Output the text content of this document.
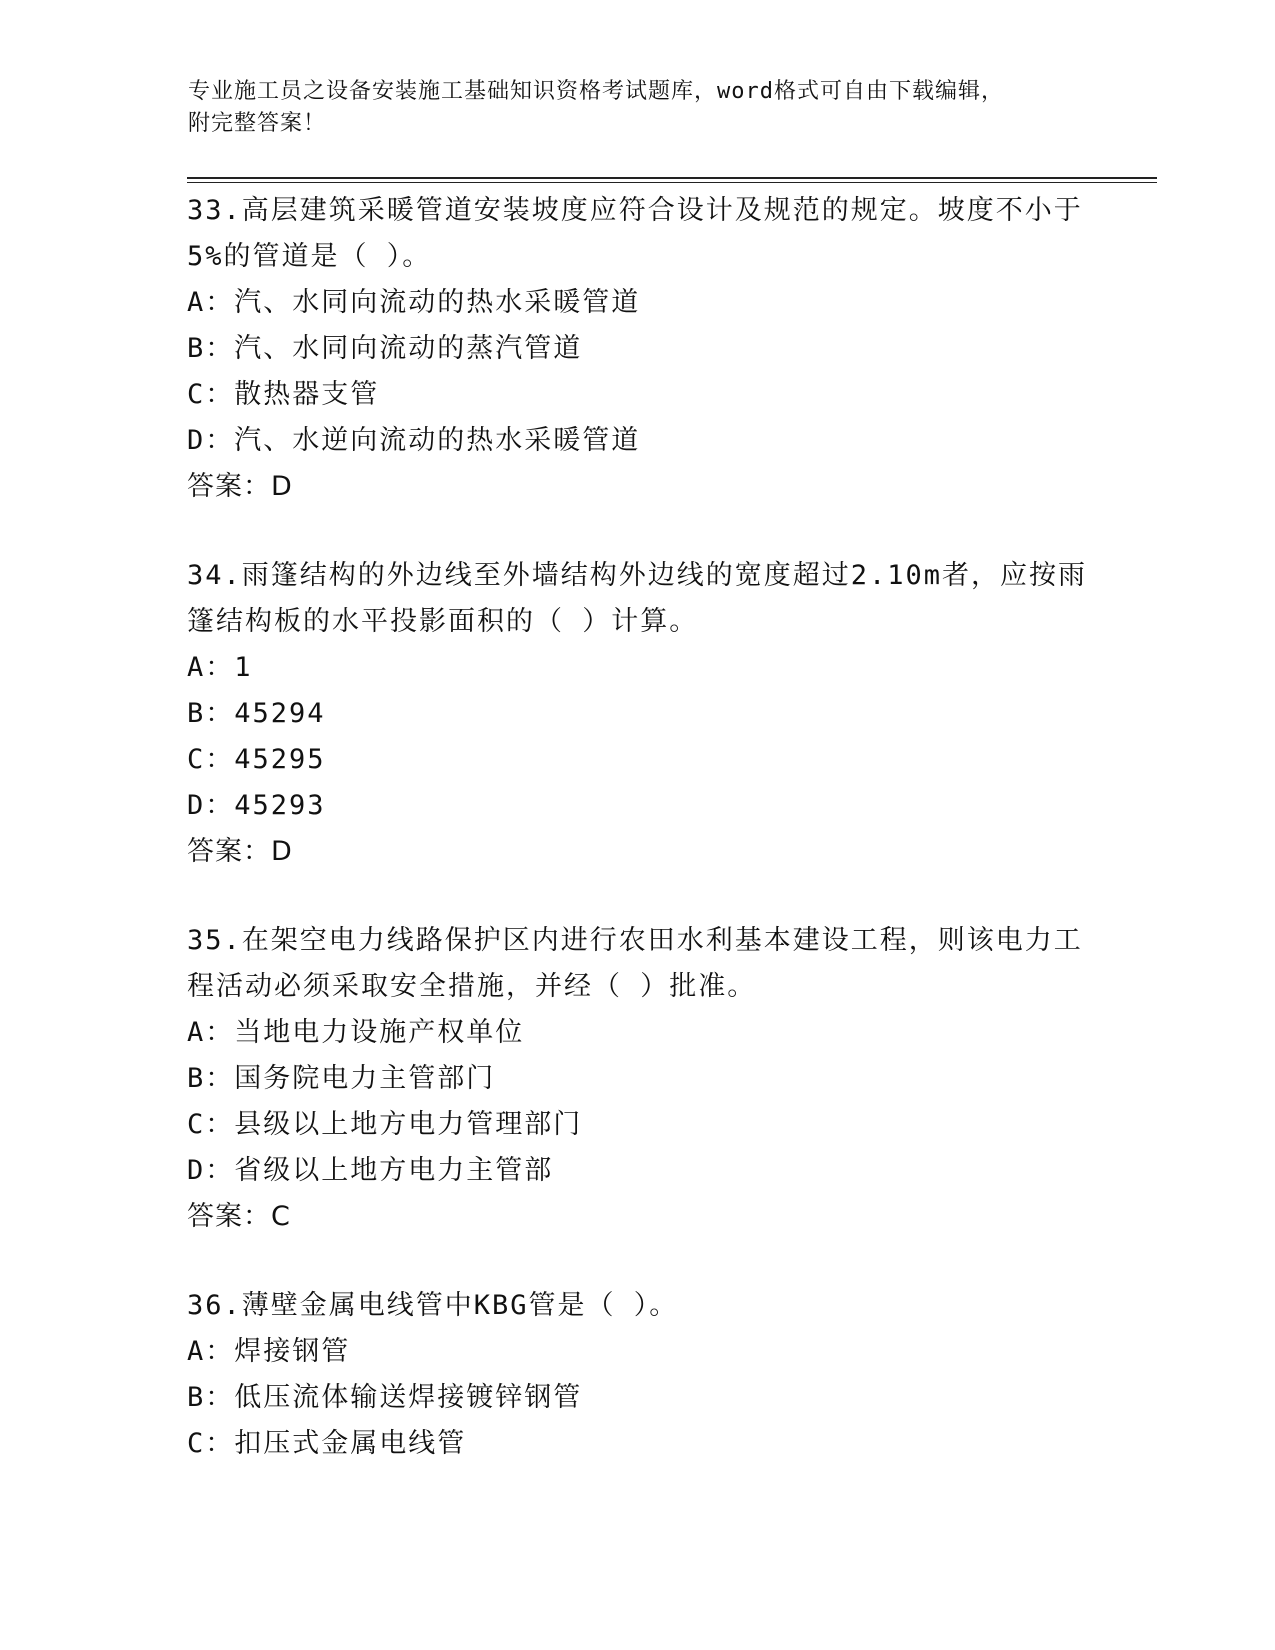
专业施工员之设备安装施工基础知识资格考试题库，word格式可自由下载编辑，
附完整答案！
33.高层建筑采暖管道安装坡度应符合设计及规范的规定。坡度不小于
5%的管道是（ ）。
A：汽、水同向流动的热水采暖管道
B：汽、水同向流动的蒸汽管道
C：散热器支管
D：汽、水逆向流动的热水采暖管道
答案：D
34.雨篷结构的外边线至外墙结构外边线的宽度超过2.10m者，应按雨
篷结构板的水平投影面积的（ ）计算。
A：1
B：45294
C：45295
D：45293
答案：D
35.在架空电力线路保护区内进行农田水利基本建设工程，则该电力工
程活动必须采取安全措施，并经（ ）批准。
A：当地电力设施产权单位
B：国务院电力主管部门
C：县级以上地方电力管理部门
D：省级以上地方电力主管部
答案：C
36.薄壁金属电线管中KBG管是（ ）。
A：焊接钢管
B：低压流体输送焊接镀锌钢管
C：扣压式金属电线管
